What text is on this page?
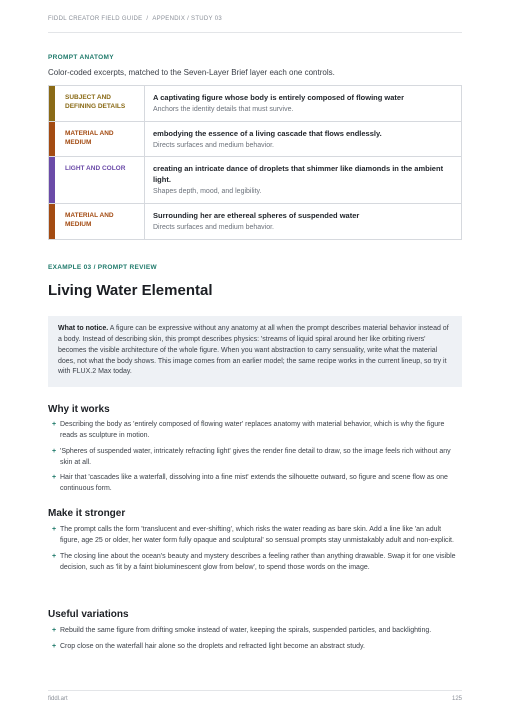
FIDDL CREATOR FIELD GUIDE / APPENDIX / STUDY 03
PROMPT ANATOMY
Color-coded excerpts, matched to the Seven-Layer Brief layer each one controls.
SUBJECT AND DEFINING DETAILS
A captivating figure whose body is entirely composed of flowing water
Anchors the identity details that must survive.
MATERIAL AND MEDIUM
embodying the essence of a living cascade that flows endlessly.
Directs surfaces and medium behavior.
LIGHT AND COLOR	creating an intricate dance of droplets that shimmer like diamonds in the ambient light.
Shapes depth, mood, and legibility.
MATERIAL AND MEDIUM
Surrounding her are ethereal spheres of suspended water
Directs surfaces and medium behavior.
EXAMPLE 03 / PROMPT REVIEW
Living Water Elemental
What to notice. A figure can be expressive without any anatomy at all when the prompt describes material behavior instead of a body. Instead of describing skin, this prompt describes physics: 'streams of liquid spiral around her like orbiting rivers' becomes the visible architecture of the whole figure. When you want abstraction to carry sensuality, write what the material does, not what the body shows. This image comes from an earlier model; the same recipe works in the current lineup, so try it with FLUX.2 Max today.
Why it works
+ Describing the body as 'entirely composed of flowing water' replaces anatomy with material behavior, which is why the figure reads as sculpture in motion.
+ 'Spheres of suspended water, intricately refracting light' gives the render fine detail to draw, so the image feels rich without any skin at all.
+ Hair that 'cascades like a waterfall, dissolving into a fine mist' extends the silhouette outward, so figure and scene flow as one continuous form.
Make it stronger
+ The prompt calls the form 'translucent and ever-shifting', which risks the water reading as bare skin. Add a line like 'an adult figure, age 25 or older, her water form fully opaque and sculptural' so sensual prompts stay unmistakably adult and non-explicit.
+ The closing line about the ocean's beauty and mystery describes a feeling rather than anything drawable. Swap it for one visible decision, such as 'lit by a faint bioluminescent glow from below', to spend those words on the image.
Useful variations
+ Rebuild the same figure from drifting smoke instead of water, keeping the spirals, suspended particles, and backlighting.
+ Crop close on the waterfall hair alone so the droplets and refracted light become an abstract study.
fiddl.art	125
